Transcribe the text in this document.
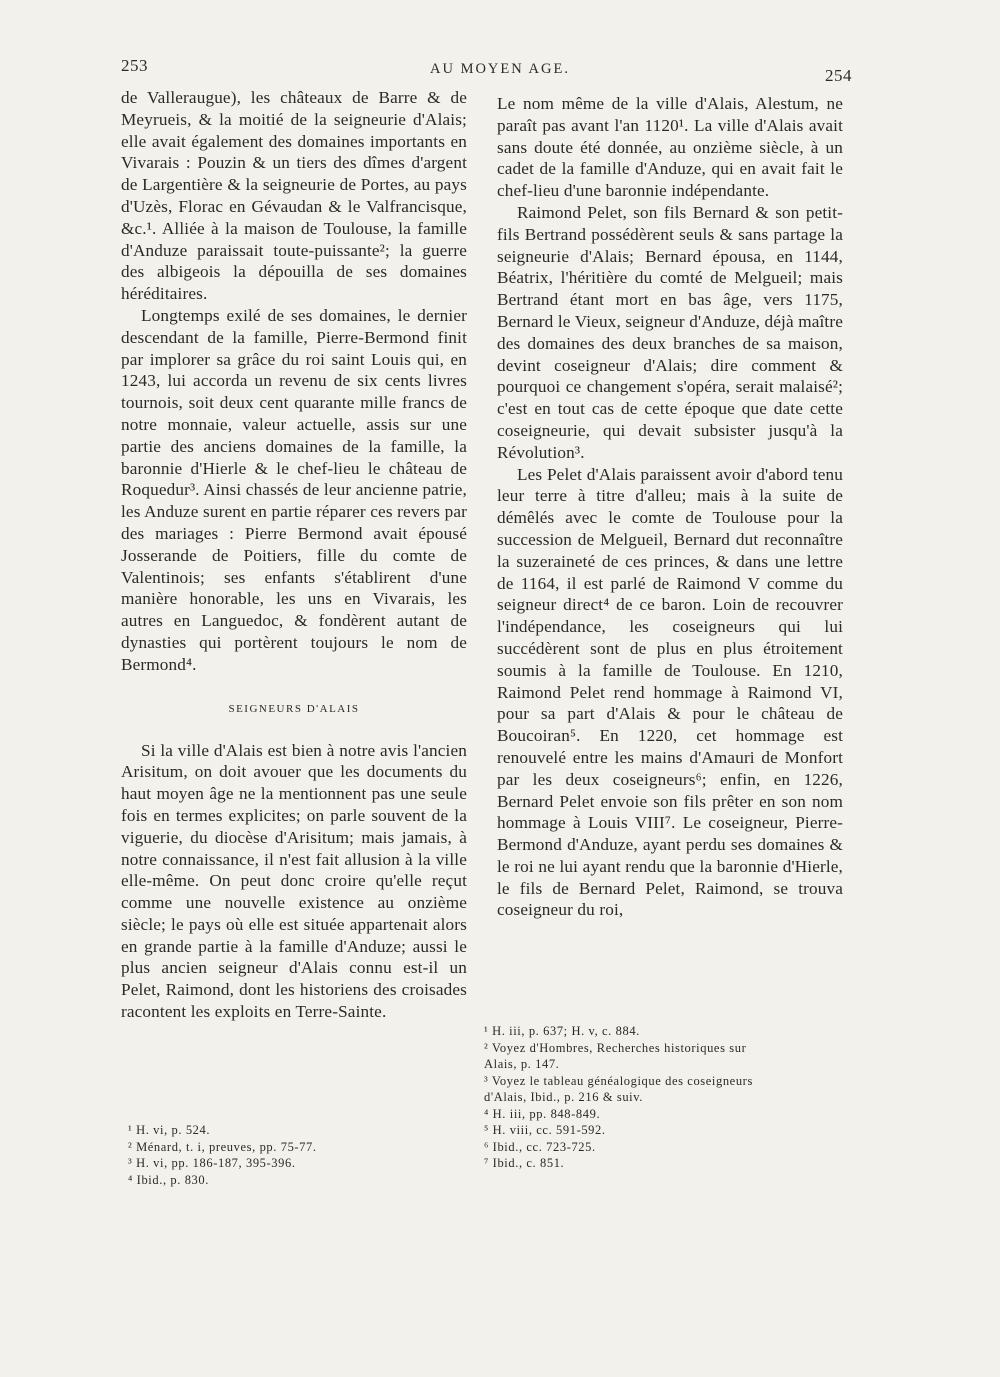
253	AU MOYEN AGE.	254

de Valleraugue), les châteaux de Barre & de Meyrueis, & la moitié de la seigneurie d'Alais; elle avait également des domaines importants en Vivarais : Pouzin & un tiers des dîmes d'argent de Largentière & la seigneurie de Portes, au pays d'Uzès, Florac en Gévaudan & le Valfrancisque, &c.¹. Alliée à la maison de Toulouse, la famille d'Anduze paraissait toute-puissante²; la guerre des albigeois la dépouilla de ses domaines héréditaires.

Longtemps exilé de ses domaines, le dernier descendant de la famille, Pierre-Bermond finit par implorer sa grâce du roi saint Louis qui, en 1243, lui accorda un revenu de six cents livres tournois, soit deux cent quarante mille francs de notre monnaie, valeur actuelle, assis sur une partie des anciens domaines de la famille, la baronnie d'Hierle & le chef-lieu le château de Roquedur³. Ainsi chassés de leur ancienne patrie, les Anduze surent en partie réparer ces revers par des mariages : Pierre Bermond avait épousé Josserande de Poitiers, fille du comte de Valentinois; ses enfants s'établirent d'une manière honorable, les uns en Vivarais, les autres en Languedoc, & fondèrent autant de dynasties qui portèrent toujours le nom de Bermond⁴.

SEIGNEURS D'ALAIS

Si la ville d'Alais est bien à notre avis l'ancien Arisitum, on doit avouer que les documents du haut moyen âge ne la mentionnent pas une seule fois en termes explicites; on parle souvent de la viguerie, du diocèse d'Arisitum; mais jamais, à notre connaissance, il n'est fait allusion à la ville elle-même. On peut donc croire qu'elle reçut comme une nouvelle existence au onzième siècle; le pays où elle est située appartenait alors en grande partie à la famille d'Anduze; aussi le plus ancien seigneur d'Alais connu est-il un Pelet, Raimond, dont les historiens des croisades racontent les exploits en Terre-Sainte.

¹ H. vi, p. 524.
² Ménard, t. i, preuves, pp. 75-77.
³ H. vi, pp. 186-187, 395-396.
⁴ Ibid., p. 830.

Le nom même de la ville d'Alais, Alestum, ne paraît pas avant l'an 1120¹. La ville d'Alais avait sans doute été donnée, au onzième siècle, à un cadet de la famille d'Anduze, qui en avait fait le chef-lieu d'une baronnie indépendante.

Raimond Pelet, son fils Bernard & son petit-fils Bertrand possédèrent seuls & sans partage la seigneurie d'Alais; Bernard épousa, en 1144, Béatrix, l'héritière du comté de Melgueil; mais Bertrand étant mort en bas âge, vers 1175, Bernard le Vieux, seigneur d'Anduze, déjà maître des domaines des deux branches de sa maison, devint coseigneur d'Alais; dire comment & pourquoi ce changement s'opéra, serait malaisé²; c'est en tout cas de cette époque que date cette coseigneurie, qui devait subsister jusqu'à la Révolution³.

Les Pelet d'Alais paraissent avoir d'abord tenu leur terre à titre d'alleu; mais à la suite de démêlés avec le comte de Toulouse pour la succession de Melgueil, Bernard dut reconnaître la suzeraineté de ces princes, & dans une lettre de 1164, il est parlé de Raimond V comme du seigneur direct⁴ de ce baron. Loin de recouvrer l'indépendance, les coseigneurs qui lui succédèrent sont de plus en plus étroitement soumis à la famille de Toulouse. En 1210, Raimond Pelet rend hommage à Raimond VI, pour sa part d'Alais & pour le château de Boucoiran⁵. En 1220, cet hommage est renouvelé entre les mains d'Amauri de Monfort par les deux coseigneurs⁶; enfin, en 1226, Bernard Pelet envoie son fils prêter en son nom hommage à Louis VIII⁷. Le coseigneur, Pierre-Bermond d'Anduze, ayant perdu ses domaines & le roi ne lui ayant rendu que la baronnie d'Hierle, le fils de Bernard Pelet, Raimond, se trouva coseigneur du roi,

¹ H. iii, p. 637; H. v, c. 884.
² Voyez d'Hombres, Recherches historiques sur
Alais, p. 147.
³ Voyez le tableau généalogique des coseigneurs
d'Alais, Ibid., p. 216 & suiv.
⁴ H. iii, pp. 848-849.
⁵ H. viii, cc. 591-592.
⁶ Ibid., cc. 723-725.
⁷ Ibid., c. 851.
